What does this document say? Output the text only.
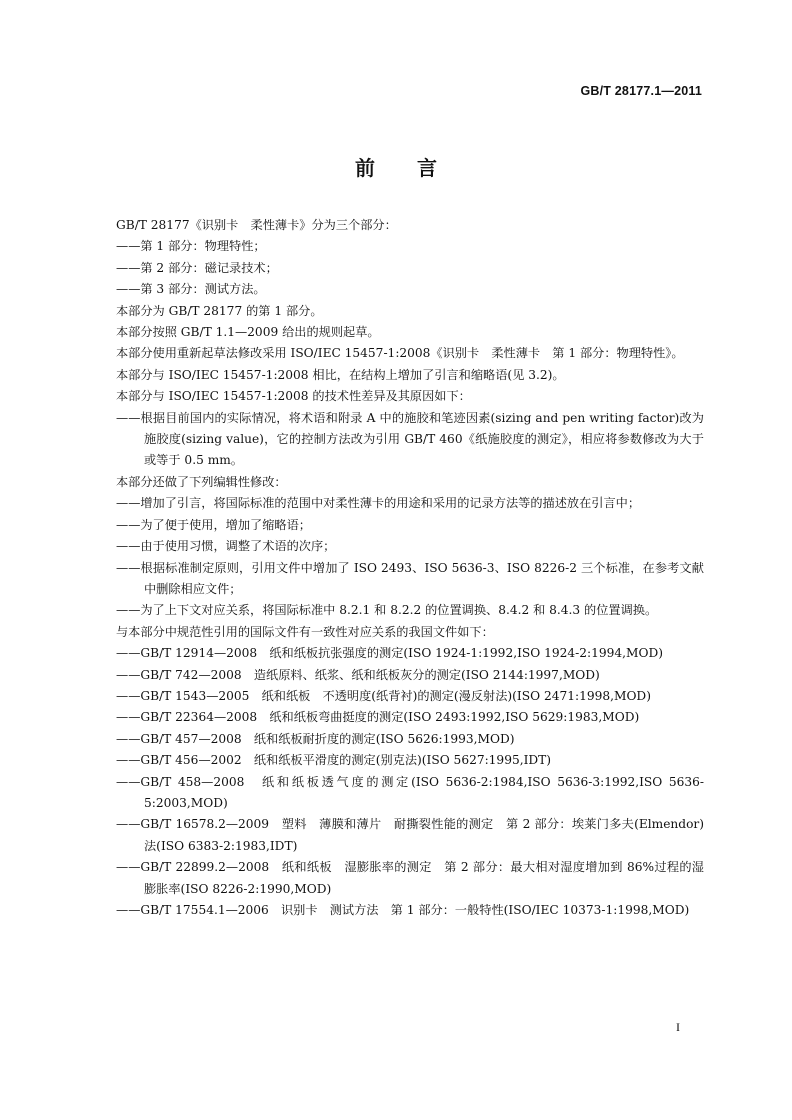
GB/T 28177.1—2011
前 言

GB/T 28177《识别卡　柔性薄卡》分为三个部分：

——第 1 部分：物理特性；

——第 2 部分：磁记录技术；

——第 3 部分：测试方法。

本部分为 GB/T 28177 的第 1 部分。

本部分按照 GB/T 1.1—2009 给出的规则起草。

本部分使用重新起草法修改采用 ISO/IEC 15457-1:2008《识别卡　柔性薄卡　第 1 部分：物理特性》。

本部分与 ISO/IEC 15457-1:2008 相比，在结构上增加了引言和缩略语(见 3.2)。

本部分与 ISO/IEC 15457-1:2008 的技术性差异及其原因如下：

——根据目前国内的实际情况，将术语和附录 A 中的施胶和笔迹因素(sizing and pen writing factor)改为施胶度(sizing value)，它的控制方法改为引用 GB/T 460《纸施胶度的测定》，相应将参数修改为大于或等于 0.5 mm。

本部分还做了下列编辑性修改：

——增加了引言，将国际标准的范围中对柔性薄卡的用途和采用的记录方法等的描述放在引言中；

——为了便于使用，增加了缩略语；

——由于使用习惯，调整了术语的次序；

——根据标准制定原则，引用文件中增加了 ISO 2493、ISO 5636-3、ISO 8226-2 三个标准，在参考文献中删除相应文件；

——为了上下文对应关系，将国际标准中 8.2.1 和 8.2.2 的位置调换、8.4.2 和 8.4.3 的位置调换。

与本部分中规范性引用的国际文件有一致性对应关系的我国文件如下：

——GB/T 12914—2008　纸和纸板抗张强度的测定(ISO 1924-1:1992,ISO 1924-2:1994,MOD)

——GB/T 742—2008　造纸原料、纸浆、纸和纸板灰分的测定(ISO 2144:1997,MOD)

——GB/T 1543—2005　纸和纸板　不透明度(纸背衬)的测定(漫反射法)(ISO 2471:1998,MOD)

——GB/T 22364—2008　纸和纸板弯曲挺度的测定(ISO 2493:1992,ISO 5629:1983,MOD)

——GB/T 457—2008　纸和纸板耐折度的测定(ISO 5626:1993,MOD)

——GB/T 456—2002　纸和纸板平滑度的测定(别克法)(ISO 5627:1995,IDT)

——GB/T 458—2008　纸和纸板透气度的测定(ISO 5636-2:1984,ISO 5636-3:1992,ISO 5636-5:2003,MOD)

——GB/T 16578.2—2009　塑料　薄膜和薄片　耐撕裂性能的测定　第 2 部分：埃莱门多夫(Elmendor)法(ISO 6383-2:1983,IDT)

——GB/T 22899.2—2008　纸和纸板　湿膨胀率的测定　第 2 部分：最大相对湿度增加到 86%过程的湿膨胀率(ISO 8226-2:1990,MOD)

——GB/T 17554.1—2006　识别卡　测试方法　第 1 部分：一般特性(ISO/IEC 10373-1:1998,MOD)

I
